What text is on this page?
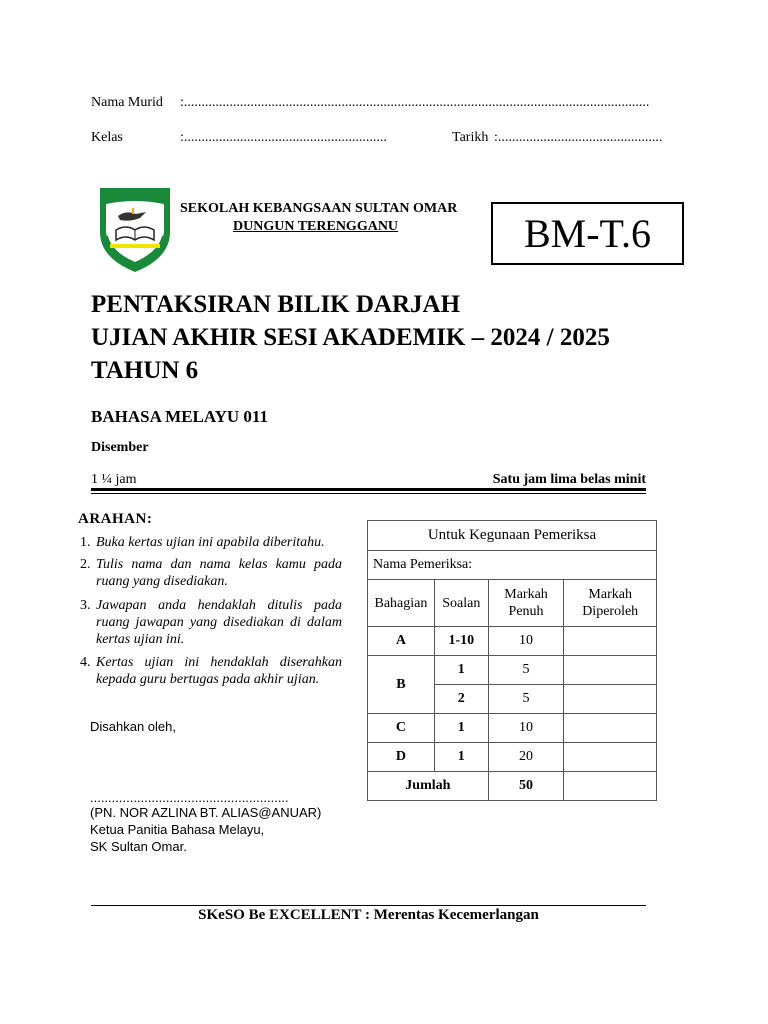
Nama Murid :.....................................................................................................................................
Kelas	:..........................................................	Tarikh :...............................................
SEKOLAH KEBANGSAAN SULTAN OMAR
DUNGUN TERENGGANU	BM-T.6
PENTAKSIRAN BILIK DARJAH
UJIAN AKHIR SESI AKADEMIK – 2024 / 2025
TAHUN 6
BAHASA MELAYU 011
Disember
1 ¼ jam	Satu jam lima belas minit
ARAHAN:
1. Buka kertas ujian ini apabila diberitahu.
2. Tulis nama dan nama kelas kamu pada ruang yang disediakan.
3. Jawapan anda hendaklah ditulis pada ruang jawapan yang disediakan di dalam kertas ujian ini.
4. Kertas ujian ini hendaklah diserahkan kepada guru bertugas pada akhir ujian.
Disahkan oleh,
.......................................................
(PN. NOR AZLINA BT. ALIAS@ANUAR)
Ketua Panitia Bahasa Melayu,
SK Sultan Omar.
Untuk Kegunaan Pemeriksa			
Nama Pemeriksa:			
Bahagian	Soalan	Markah Penuh	Markah Diperoleh
A	1-10	10	
B	1	5	
	2	5	
C	1	10	
D	1	20	
Jumlah		50	
SKeSO Be EXCELLENT : Merentas Kecemerlangan
